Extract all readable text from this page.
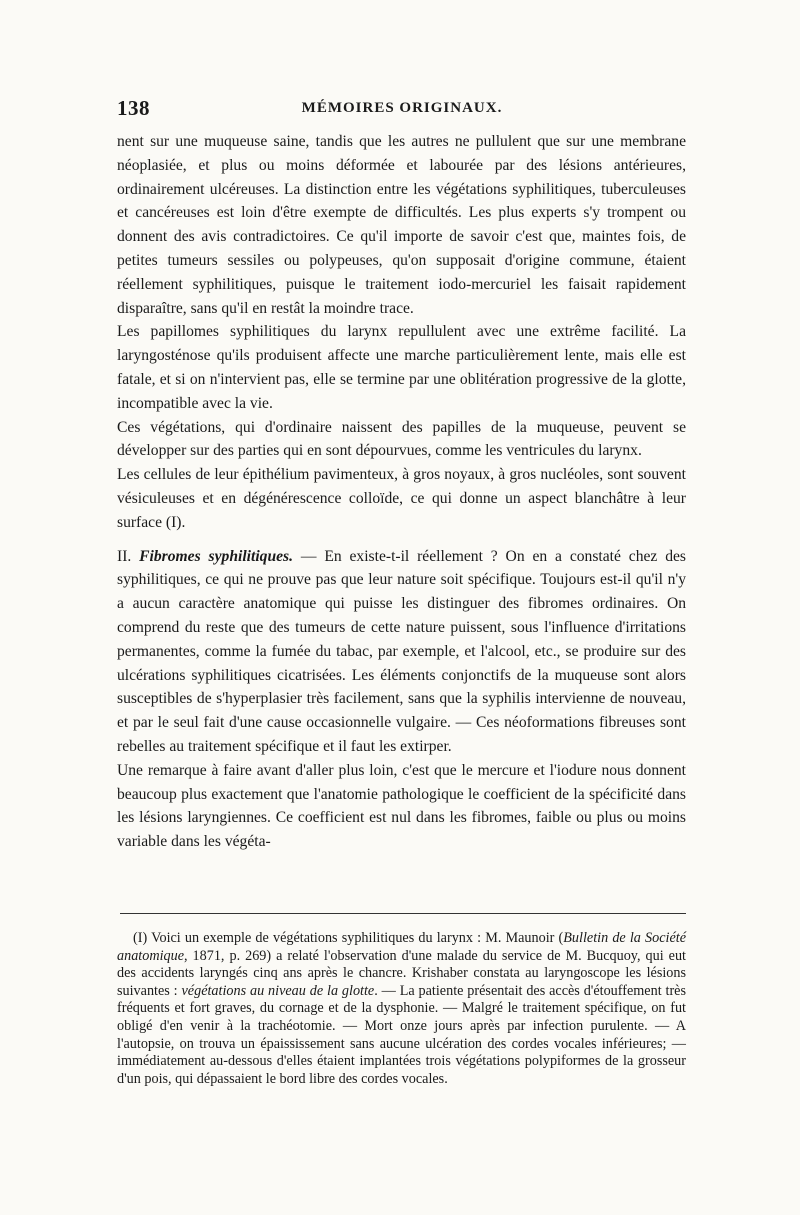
138	MÉMOIRES ORIGINAUX.

nent sur une muqueuse saine, tandis que les autres ne pullulent que sur une membrane néoplasiée, et plus ou moins déformée et labourée par des lésions antérieures, ordinairement ulcéreuses. La distinction entre les végétations syphilitiques, tuberculeuses et cancéreuses est loin d'être exempte de difficultés. Les plus experts s'y trompent ou donnent des avis contradictoires. Ce qu'il importe de savoir c'est que, maintes fois, de petites tumeurs sessiles ou polypeuses, qu'on supposait d'origine commune, étaient réellement syphilitiques, puisque le traitement iodo-mercuriel les faisait rapidement disparaître, sans qu'il en restât la moindre trace.

Les papillomes syphilitiques du larynx repullulent avec une extrême facilité. La laryngosténose qu'ils produisent affecte une marche particulièrement lente, mais elle est fatale, et si on n'intervient pas, elle se termine par une oblitération progressive de la glotte, incompatible avec la vie.

Ces végétations, qui d'ordinaire naissent des papilles de la muqueuse, peuvent se développer sur des parties qui en sont dépourvues, comme les ventricules du larynx.

Les cellules de leur épithélium pavimenteux, à gros noyaux, à gros nucléoles, sont souvent vésiculeuses et en dégénérescence colloïde, ce qui donne un aspect blanchâtre à leur surface (I).

II. Fibromes syphilitiques. — En existe-t-il réellement ? On en a constaté chez des syphilitiques, ce qui ne prouve pas que leur nature soit spécifique. Toujours est-il qu'il n'y a aucun caractère anatomique qui puisse les distinguer des fibromes ordinaires. On comprend du reste que des tumeurs de cette nature puissent, sous l'influence d'irritations permanentes, comme la fumée du tabac, par exemple, et l'alcool, etc., se produire sur des ulcérations syphilitiques cicatrisées. Les éléments conjonctifs de la muqueuse sont alors susceptibles de s'hyperplasier très facilement, sans que la syphilis intervienne de nouveau, et par le seul fait d'une cause occasionnelle vulgaire. — Ces néoformations fibreuses sont rebelles au traitement spécifique et il faut les extirper.

Une remarque à faire avant d'aller plus loin, c'est que le mercure et l'iodure nous donnent beaucoup plus exactement que l'anatomie pathologique le coefficient de la spécificité dans les lésions laryngiennes. Ce coefficient est nul dans les fibromes, faible ou plus ou moins variable dans les végéta-

(I) Voici un exemple de végétations syphilitiques du larynx : M. Maunoir (Bulletin de la Société anatomique, 1871, p. 269) a relaté l'observation d'une malade du service de M. Bucquoy, qui eut des accidents laryngés cinq ans après le chancre. Krishaber constata au laryngoscope les lésions suivantes : végétations au niveau de la glotte. — La patiente présentait des accès d'étouffement très fréquents et fort graves, du cornage et de la dysphonie. — Malgré le traitement spécifique, on fut obligé d'en venir à la trachéotomie. — Mort onze jours après par infection purulente. — A l'autopsie, on trouva un épaississement sans aucune ulcération des cordes vocales inférieures; — immédiatement au-dessous d'elles étaient implantées trois végétations polypiformes de la grosseur d'un pois, qui dépassaient le bord libre des cordes vocales.
